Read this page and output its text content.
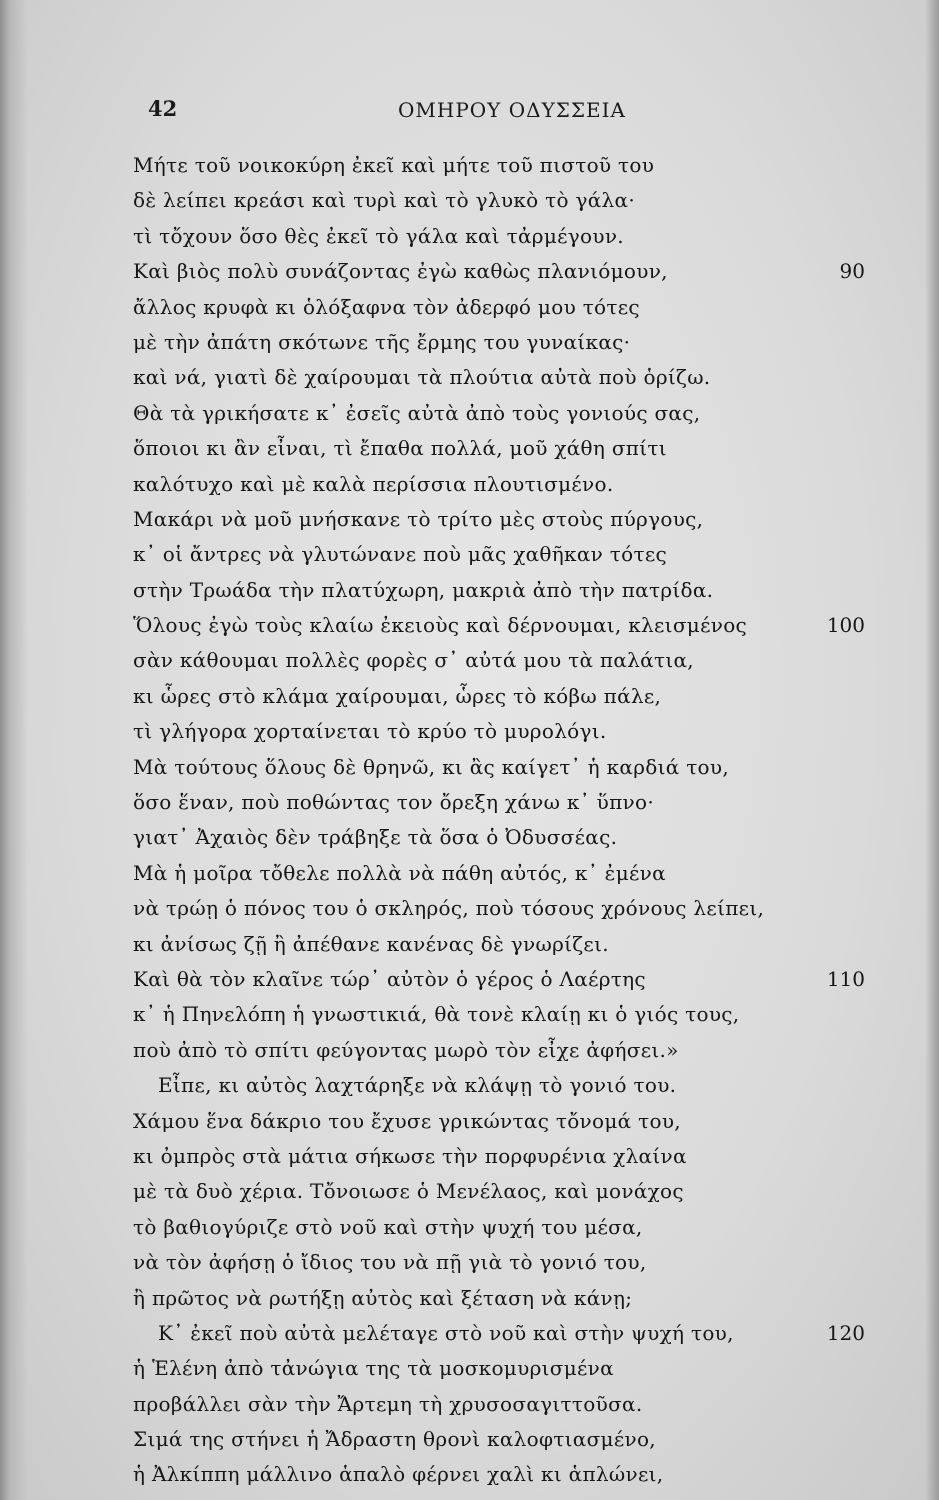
42	ΟΜΗΡΟΥ ΟΔΥΣΣΕΙΑ
Μήτε τοῦ νοικοκύρη ἐκεῖ καὶ μήτε τοῦ πιστοῦ του
δὲ λείπει κρεάσι καὶ τυρὶ καὶ τὸ γλυκὸ τὸ γάλα·
τὶ τὄχουν ὅσο θὲς ἐκεῖ τὸ γάλα καὶ τἀρμέγουν.
Καὶ βιὸς πολὺ συνάζοντας ἐγὼ καθὼς πλανιόμουν,	90
ἄλλος κρυφὰ κι ὁλόξαφνα τὸν ἀδερφό μου τότες
μὲ τὴν ἀπάτη σκότωνε τῆς ἔρμης του γυναίκας·
καὶ νά, γιατὶ δὲ χαίρουμαι τὰ πλούτια αὐτὰ ποὺ ὁρίζω.
Θὰ τὰ γρικήσατε κ᾿ ἐσεῖς αὐτὰ ἀπὸ τοὺς γονιούς σας,
ὅποιοι κι ἂν εἶναι, τὶ ἔπαθα πολλά, μοῦ χάθη σπίτι
καλότυχο καὶ μὲ καλὰ περίσσια πλουτισμένο.
Μακάρι νὰ μοῦ μνήσκανε τὸ τρίτο μὲς στοὺς πύργους,
κ᾿ οἱ ἄντρες νὰ γλυτώνανε ποὺ μᾶς χαθῆκαν τότες
στὴν Τρωάδα τὴν πλατύχωρη, μακριὰ ἀπὸ τὴν πατρίδα.
Ὅλους ἐγὼ τοὺς κλαίω ἐκειοὺς καὶ δέρνουμαι, κλεισμένος	100
σὰν κάθουμαι πολλὲς φορὲς σ᾿ αὐτά μου τὰ παλάτια,
κι ὧρες στὸ κλάμα χαίρουμαι, ὧρες τὸ κόβω πάλε,
τὶ γλήγορα χορταίνεται τὸ κρύο τὸ μυρολόγι.
Μὰ τούτους ὅλους δὲ θρηνῶ, κι ἂς καίγετ᾿ ἡ καρδιά του,
ὅσο ἕναν, ποὺ ποθώντας τον ὄρεξη χάνω κ᾿ ὕπνο·
γιατ᾿ Ἀχαιὸς δὲν τράβηξε τὰ ὅσα ὁ Ὀδυσσέας.
Μὰ ἡ μοῖρα τὄθελε πολλὰ νὰ πάθη αὐτός, κ᾿ ἐμένα
νὰ τρώῃ ὁ πόνος του ὁ σκληρός, ποὺ τόσους χρόνους λείπει,
κι ἀνίσως ζῇ ἢ ἀπέθανε κανένας δὲ γνωρίζει.
Καὶ θὰ τὸν κλαῖνε τώρ᾿ αὐτὸν ὁ γέρος ὁ Λαέρτης	110
κ᾿ ἡ Πηνελόπη ἡ γνωστικιά, θὰ τονὲ κλαίῃ κι ὁ γιός τους,
ποὺ ἀπὸ τὸ σπίτι φεύγοντας μωρὸ τὸν εἶχε ἀφήσει.»
Εἶπε, κι αὐτὸς λαχτάρηξε νὰ κλάψῃ τὸ γονιό του.
Χάμου ἕνα δάκριο του ἔχυσε γρικώντας τὄνομά του,
κι ὀμπρὸς στὰ μάτια σήκωσε τὴν πορφυρένια χλαίνα
μὲ τὰ δυὸ χέρια. Τὄνοιωσε ὁ Μενέλαος, καὶ μονάχος
τὸ βαθιογύριζε στὸ νοῦ καὶ στὴν ψυχή του μέσα,
νὰ τὸν ἀφήσῃ ὁ ἴδιος του νὰ πῇ γιὰ τὸ γονιό του,
ἢ πρῶτος νὰ ρωτήξῃ αὐτὸς καὶ ξέταση νὰ κάνῃ;
Κ᾿ ἐκεῖ ποὺ αὐτὰ μελέταγε στὸ νοῦ καὶ στὴν ψυχή του,	120
ἡ Ἑλένη ἀπὸ τἀνώγια της τὰ μοσκομυρισμένα
προβάλλει σὰν τὴν Ἄρτεμη τὴ χρυσοσαγιττοῦσα.
Σιμά της στήνει ἡ Ἄδραστη θρονὶ καλοφτιασμένο,
ἡ Ἀλκίππη μάλλινο ἁπαλὸ φέρνει χαλὶ κι ἁπλώνει,
